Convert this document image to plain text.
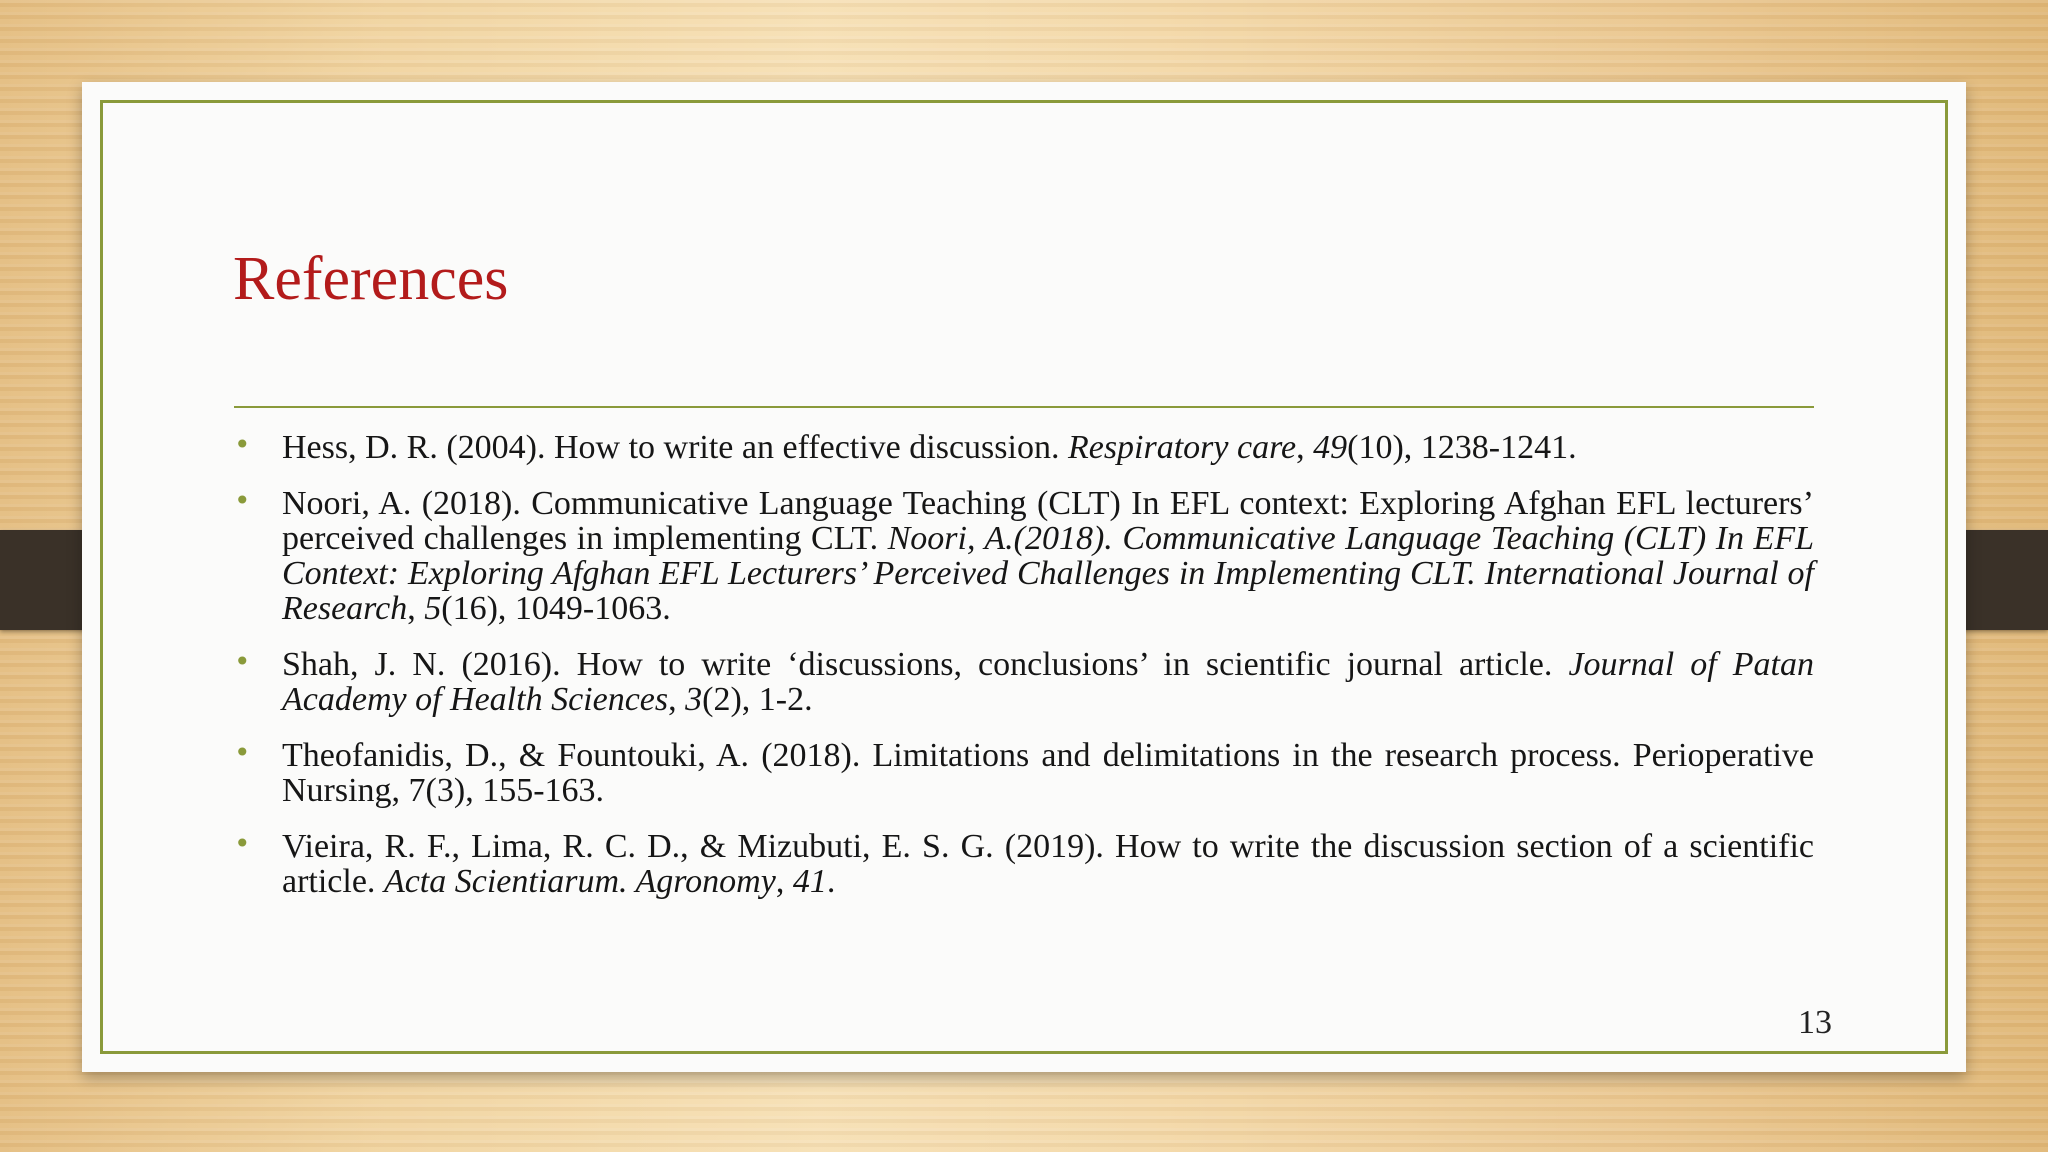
References
• Hess, D. R. (2004). How to write an effective discussion. Respiratory care, 49(10), 1238-1241.
• Noori, A. (2018). Communicative Language Teaching (CLT) In EFL context: Exploring Afghan EFL lecturers’ perceived challenges in implementing CLT. Noori, A.(2018). Communicative Language Teaching (CLT) In EFL Context: Exploring Afghan EFL Lecturers’ Perceived Challenges in Implementing CLT. International Journal of Research, 5(16), 1049-1063.
• Shah, J. N. (2016). How to write ‘discussions, conclusions’ in scientific journal article. Journal of Patan Academy of Health Sciences, 3(2), 1-2.
• Theofanidis, D., & Fountouki, A. (2018). Limitations and delimitations in the research process. Perioperative Nursing, 7(3), 155-163.
• Vieira, R. F., Lima, R. C. D., & Mizubuti, E. S. G. (2019). How to write the discussion section of a scientific article. Acta Scientiarum. Agronomy, 41.
13
